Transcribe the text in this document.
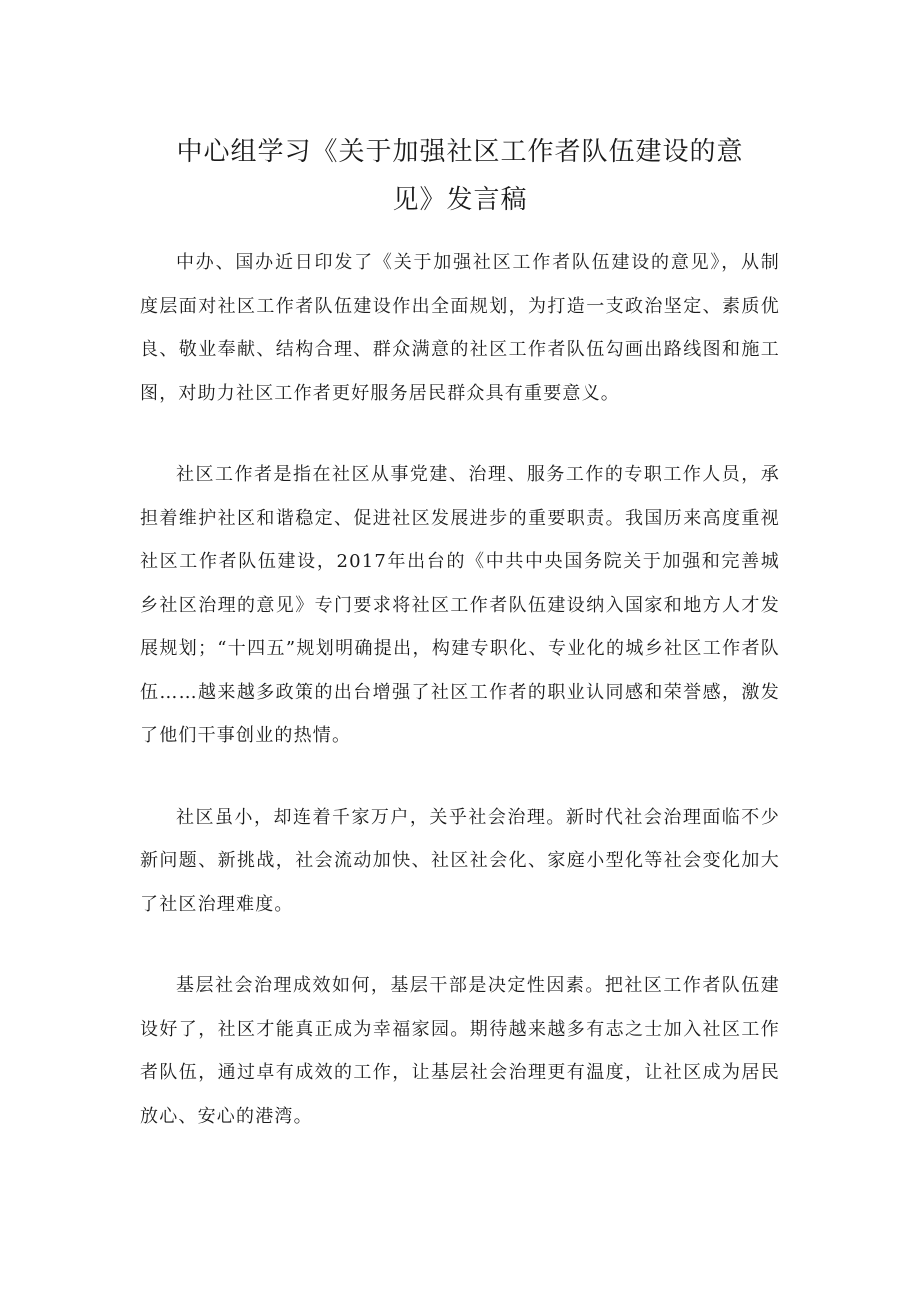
中心组学习《关于加强社区工作者队伍建设的意

见》发言稿

中办、国办近日印发了《关于加强社区工作者队伍建设的意见》，从制度层面对社区工作者队伍建设作出全面规划，为打造一支政治坚定、素质优良、敬业奉献、结构合理、群众满意的社区工作者队伍勾画出路线图和施工图，对助力社区工作者更好服务居民群众具有重要意义。

社区工作者是指在社区从事党建、治理、服务工作的专职工作人员，承担着维护社区和谐稳定、促进社区发展进步的重要职责。我国历来高度重视社区工作者队伍建设，2017年出台的《中共中央国务院关于加强和完善城乡社区治理的意见》专门要求将社区工作者队伍建设纳入国家和地方人才发展规划；“十四五”规划明确提出，构建专职化、专业化的城乡社区工作者队伍……越来越多政策的出台增强了社区工作者的职业认同感和荣誉感，激发了他们干事创业的热情。

社区虽小，却连着千家万户，关乎社会治理。新时代社会治理面临不少新问题、新挑战，社会流动加快、社区社会化、家庭小型化等社会变化加大了社区治理难度。

基层社会治理成效如何，基层干部是决定性因素。把社区工作者队伍建设好了，社区才能真正成为幸福家园。期待越来越多有志之士加入社区工作者队伍，通过卓有成效的工作，让基层社会治理更有温度，让社区成为居民放心、安心的港湾。
